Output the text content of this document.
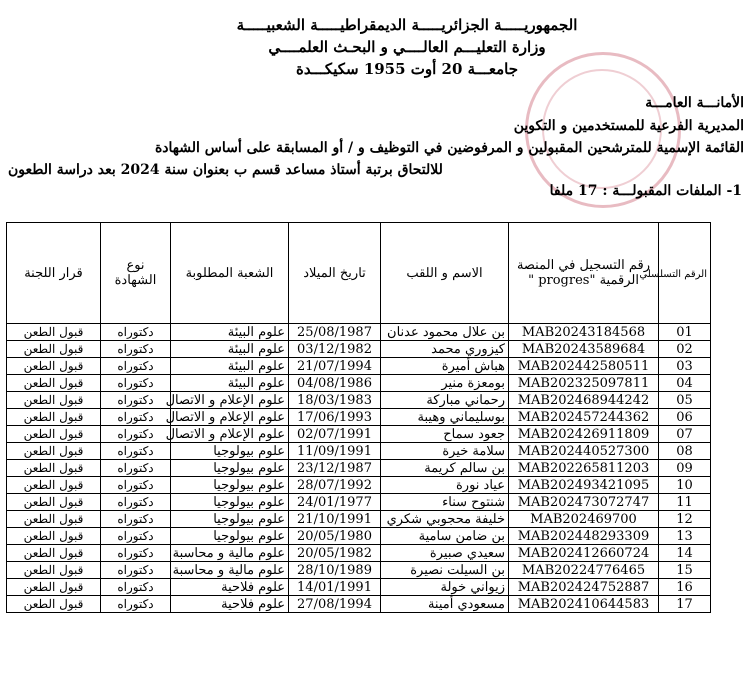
الجمهوريـــــة الجزائريـــــة الديمقراطيـــــة الشعبيـــــة
وزارة التعليـــم العالــــي و البحـث العلمــــي
جامعـــة 20 أوت 1955 سكيكـــدة
الأمانـــة العامـــة
المديرية الفرعية للمستخدمين و التكوين
القائمة الإسمية للمترشحين المقبولين و المرفوضين في التوظيف و / أو المسابقة على أساس الشهادة
للالتحاق برتبة أستاذ مساعد قسم ب بعنوان سنة 2024 بعد دراسة الطعون
1- الملفات المقبولـــة : 17 ملفا
الرقم التسلسلي	رقم التسجيل في المنصة الرقمية "progres "	الاسم و اللقب	تاريخ الميلاد	الشعبة المطلوبة	نوع الشهادة	قرار اللجنة
01	MAB20243184568	بن علال محمود عدنان	25/08/1987	علوم البيئة	دكتوراه	قبول الطعن
02	MAB20243589684	كيزوري محمد	03/12/1982	علوم البيئة	دكتوراه	قبول الطعن
03	MAB202442580511	هباش أميرة	21/07/1994	علوم البيئة	دكتوراه	قبول الطعن
04	MAB202325097811	بومعزة منير	04/08/1986	علوم البيئة	دكتوراه	قبول الطعن
05	MAB202468944242	رحماني مباركة	18/03/1983	علوم الإعلام و الاتصال	دكتوراه	قبول الطعن
06	MAB202457244362	بوسليماني وهيبة	17/06/1993	علوم الإعلام و الاتصال	دكتوراه	قبول الطعن
07	MAB202426911809	جعود سماح	02/07/1991	علوم الإعلام و الاتصال	دكتوراه	قبول الطعن
08	MAB202440527300	سلامة خيرة	11/09/1991	علوم بيولوجيا	دكتوراه	قبول الطعن
09	MAB202265811203	بن سالم كريمة	23/12/1987	علوم بيولوجيا	دكتوراه	قبول الطعن
10	MAB202493421095	عياد نورة	28/07/1992	علوم بيولوجيا	دكتوراه	قبول الطعن
11	MAB202473072747	شنتوح سناء	24/01/1977	علوم بيولوجيا	دكتوراه	قبول الطعن
12	MAB202469700	خليفة محجوبي شكري	21/10/1991	علوم بيولوجيا	دكتوراه	قبول الطعن
13	MAB202448293309	بن ضامن سامية	20/05/1980	علوم بيولوجيا	دكتوراه	قبول الطعن
14	MAB202412660724	سعيدي صبيرة	20/05/1982	علوم مالية و محاسبة	دكتوراه	قبول الطعن
15	MAB20224776465	بن السيلت نصيرة	28/10/1989	علوم مالية و محاسبة	دكتوراه	قبول الطعن
16	MAB202424752887	زيواني خولة	14/01/1991	علوم فلاحية	دكتوراه	قبول الطعن
17	MAB202410644583	مسعودي أمينة	27/08/1994	علوم فلاحية	دكتوراه	قبول الطعن
